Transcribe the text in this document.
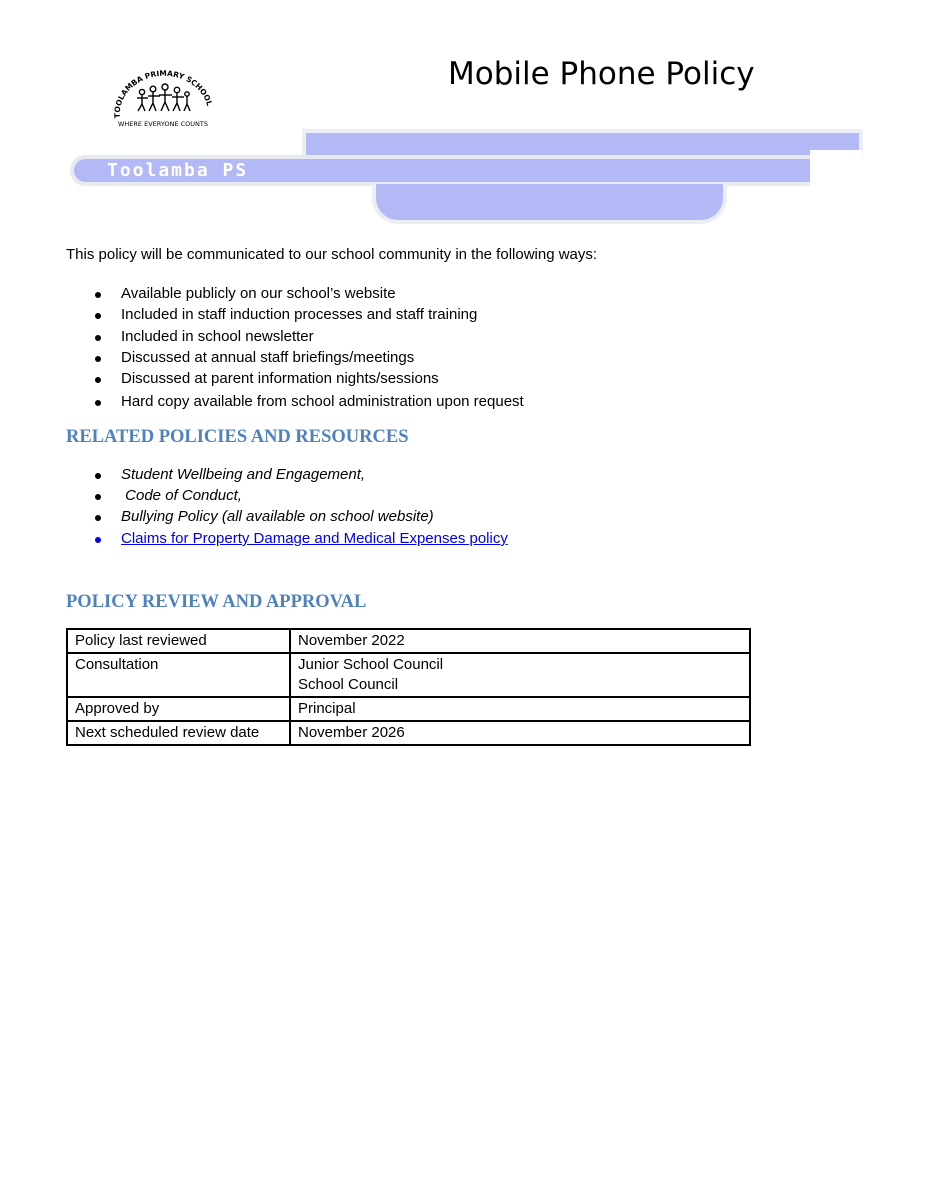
TOOLAMBA PRIMARY SCHOOL
WHERE EVERYONE COUNTS
Mobile Phone Policy
Toolamba PS
This policy will be communicated to our school community in the following ways:
Available publicly on our school’s website
Included in staff induction processes and staff training
Included in school newsletter
Discussed at annual staff briefings/meetings
Discussed at parent information nights/sessions
Hard copy available from school administration upon request
RELATED POLICIES AND RESOURCES
Student Wellbeing and Engagement,
Code of Conduct,
Bullying Policy (all available on school website)
Claims for Property Damage and Medical Expenses policy
POLICY REVIEW AND APPROVAL
Policy last reviewed	November 2022
Consultation	Junior School Council
School Council

Approved by	Principal
Next scheduled review date	November 2026
